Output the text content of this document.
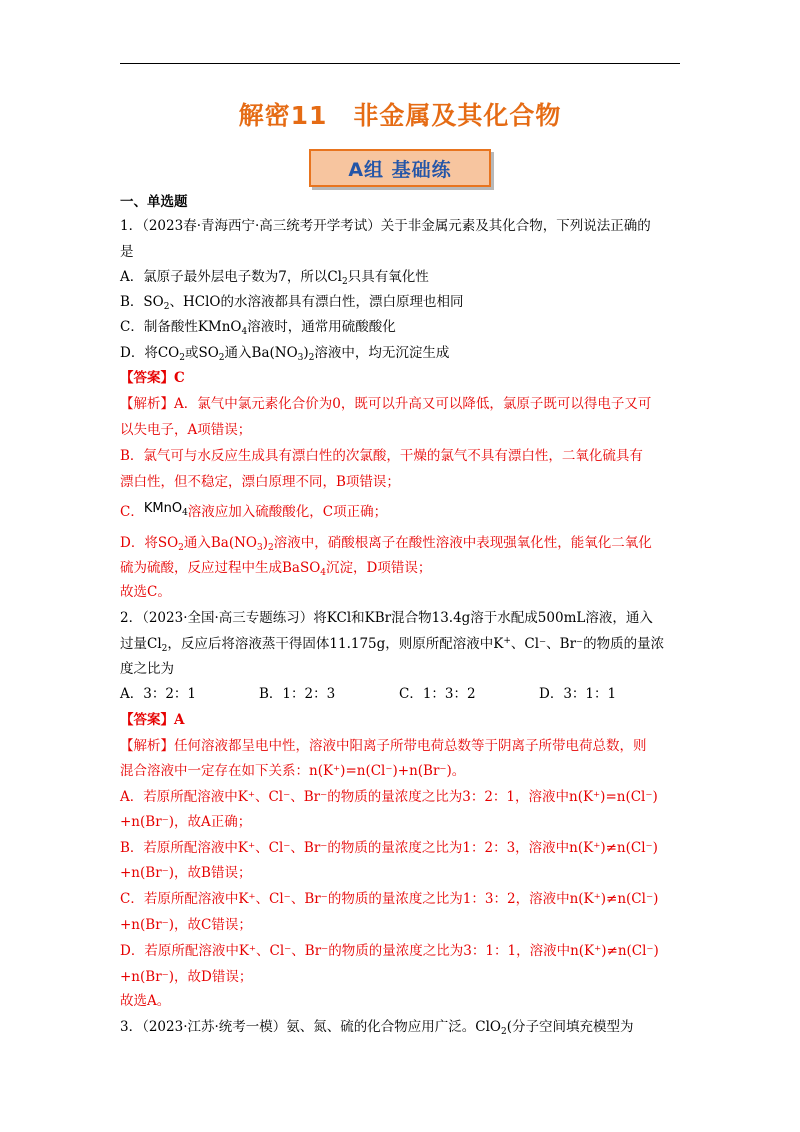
解密11　非金属及其化合物
A组 基础练
一、单选题
1．（2023春·青海西宁·高三统考开学考试）关于非金属元素及其化合物，下列说法正确的
是
A．氯原子最外层电子数为7，所以$Cl_2$只具有氧化性
B．$SO_2$、HClO的水溶液都具有漂白性，漂白原理也相同
C．制备酸性KMnO$_4$溶液时，通常用硫酸酸化
D．将$CO_2$或$SO_2$通入$Ba(NO_3)_2$溶液中，均无沉淀生成
【答案】C
【解析】A．氯气中氯元素化合价为0，既可以升高又可以降低，氯原子既可以得电子又可
以失电子，A项错误；
B．氯气可与水反应生成具有漂白性的次氯酸，干燥的氯气不具有漂白性，二氧化硫具有
漂白性，但不稳定，漂白原理不同，B项错误；
C．KMnO$_4$溶液应加入硫酸酸化，C项正确；
D．将$SO_2$通入$Ba(NO_3)_2$溶液中，硝酸根离子在酸性溶液中表现强氧化性，能氧化二氧化
硫为硫酸，反应过程中生成BaSO$_4$沉淀，D项错误；
故选C。
2．（2023·全国·高三专题练习）将KCl和KBr混合物13.4g溶于水配成500mL溶液，通入
过量$Cl_2$，反应后将溶液蒸干得固体11.175g，则原所配溶液中K+、Cl⁻、Br⁻的物质的量浓
度之比为
A．3：2：1	B．1：2：3	C．1：3：2	D．3：1：1
【答案】A
【解析】任何溶液都呈电中性，溶液中阳离子所带电荷总数等于阴离子所带电荷总数，则
混合溶液中一定存在如下关系：n(K⁺)=n(Cl⁻)+n(Br⁻)。
A．若原所配溶液中K⁺、Cl⁻、Br⁻的物质的量浓度之比为3：2：1，溶液中n(K⁺)=n(Cl⁻)
+n(Br⁻)，故A正确；
B．若原所配溶液中K⁺、Cl⁻、Br⁻的物质的量浓度之比为1：2：3，溶液中n(K⁺)≠n(Cl⁻)
+n(Br⁻)，故B错误；
C．若原所配溶液中K⁺、Cl⁻、Br⁻的物质的量浓度之比为1：3：2，溶液中n(K⁺)≠n(Cl⁻)
+n(Br⁻)，故C错误；
D．若原所配溶液中K⁺、Cl⁻、Br⁻的物质的量浓度之比为3：1：1，溶液中n(K⁺)≠n(Cl⁻)
+n(Br⁻)，故D错误；
故选A。
3．（2023·江苏·统考一模）氨、氮、硫的化合物应用广泛。ClO$_2$(分子空间填充模型为
